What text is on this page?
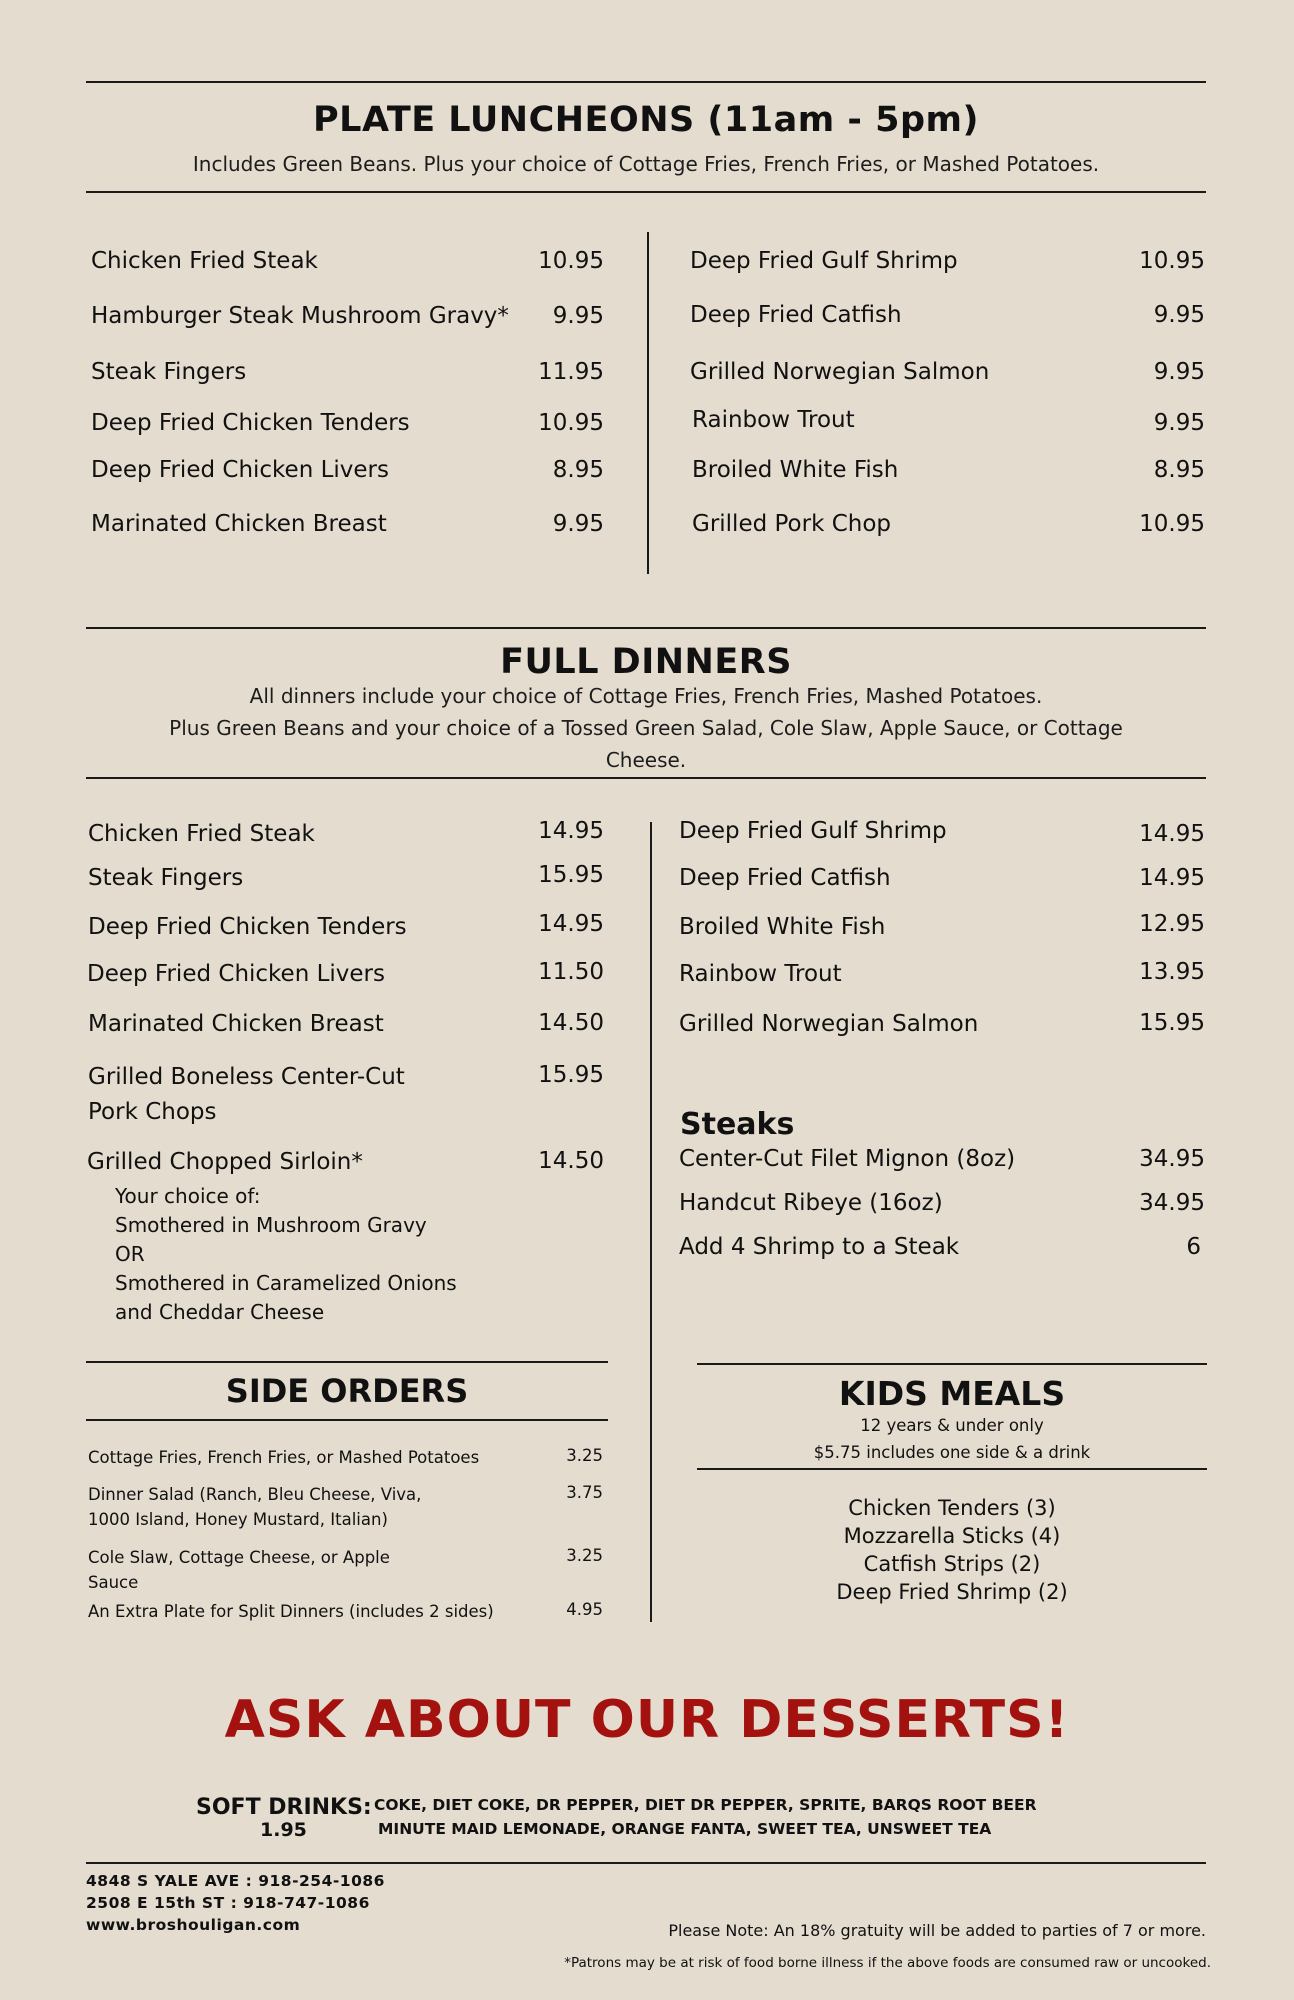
PLATE LUNCHEONS (11am - 5pm)
Includes Green Beans. Plus your choice of Cottage Fries, French Fries, or Mashed Potatoes.
Chicken Fried Steak	10.95
Hamburger Steak Mushroom Gravy*	9.95
Steak Fingers	11.95
Deep Fried Chicken Tenders	10.95
Deep Fried Chicken Livers	8.95
Marinated Chicken Breast	9.95
Deep Fried Gulf Shrimp	10.95
Deep Fried Catfish	9.95
Grilled Norwegian Salmon	9.95
Rainbow Trout	9.95
Broiled White Fish	8.95
Grilled Pork Chop	10.95
FULL DINNERS
All dinners include your choice of Cottage Fries, French Fries, Mashed Potatoes.
Plus Green Beans and your choice of a Tossed Green Salad, Cole Slaw, Apple Sauce, or Cottage
Cheese.
Chicken Fried Steak	14.95
Steak Fingers	15.95
Deep Fried Chicken Tenders	14.95
Deep Fried Chicken Livers	11.50
Marinated Chicken Breast	14.50
Grilled Boneless Center-Cut
Pork Chops
15.95
Grilled Chopped Sirloin*	14.50
Your choice of:
Smothered in Mushroom Gravy
OR
Smothered in Caramelized Onions
and Cheddar Cheese
Deep Fried Gulf Shrimp	14.95
Deep Fried Catfish	14.95
Broiled White Fish	12.95
Rainbow Trout	13.95
Grilled Norwegian Salmon	15.95
Steaks
Center-Cut Filet Mignon (8oz)	34.95
Handcut Ribeye (16oz)	34.95
Add 4 Shrimp to a Steak	6
SIDE ORDERS
Cottage Fries, French Fries, or Mashed Potatoes	3.25
Dinner Salad (Ranch, Bleu Cheese, Viva,
1000 Island, Honey Mustard, Italian)
3.75
Cole Slaw, Cottage Cheese, or Apple
Sauce
3.25
An Extra Plate for Split Dinners (includes 2 sides)	4.95
KIDS MEALS
12 years & under only
$5.75 includes one side & a drink
Chicken Tenders (3)
Mozzarella Sticks (4)
Catfish Strips (2)
Deep Fried Shrimp (2)
ASK ABOUT OUR DESSERTS!
SOFT DRINKS:
1.95
COKE, DIET COKE, DR PEPPER, DIET DR PEPPER, SPRITE, BARQS ROOT BEER
MINUTE MAID LEMONADE, ORANGE FANTA, SWEET TEA, UNSWEET TEA
4848 S YALE AVE : 918-254-1086
2508 E 15th ST : 918-747-1086
www.broshouligan.com	Please Note: An 18% gratuity will be added to parties of 7 or more.
*Patrons may be at risk of food borne illness if the above foods are consumed raw or uncooked.
